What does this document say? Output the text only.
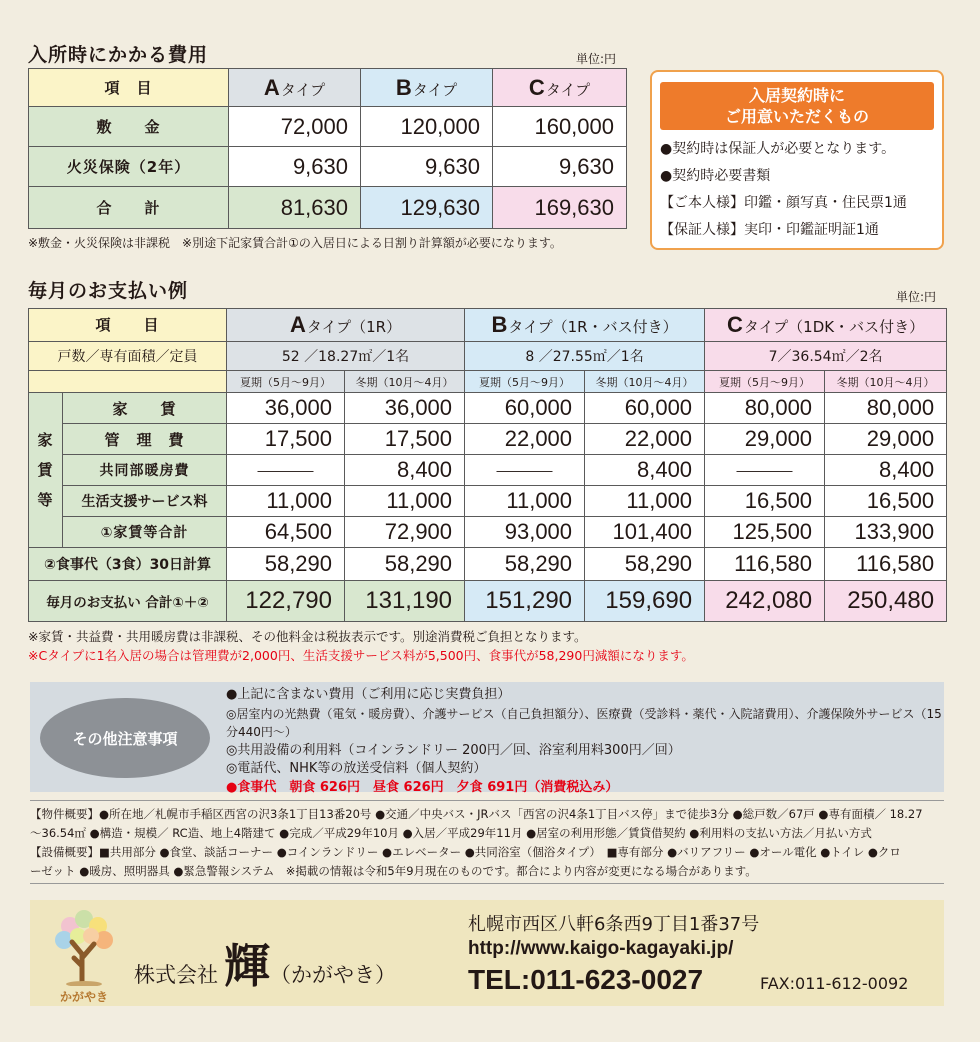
入所時にかかる費用	単位:円
項　目	Aタイプ	Bタイプ	Cタイプ
敷　　金	72,000	120,000	160,000
火災保険（2年）	9,630	9,630	9,630
合　　計	81,630	129,630	169,630
※敷金・火災保険は非課税　※別途下記家賃合計①の入居日による日割り計算額が必要になります。
入居契約時に
ご用意いただくもの
●契約時は保証人が必要となります。
●契約時必要書類
【ご本人様】印鑑・顔写真・住民票1通
【保証人様】実印・印鑑証明証1通
毎月のお支払い例	単位:円
項　　目		Aタイプ（1R）		Bタイプ（1R・バス付き）		Cタイプ（1DK・バス付き）	
戸数／専有面積／定員		52 ／18.27㎡／1名		8 ／27.55㎡／1名		7／36.54㎡／2名	
		夏期（5月～9月）	冬期（10月～4月）	夏期（5月～9月）	冬期（10月～4月）	夏期（5月～9月）	冬期（10月～4月）

家
賃
等	家　　賃	36,000	36,000	60,000	60,000	80,000	80,000
	管　理　費	17,500	17,500	22,000	22,000	29,000	29,000
	共同部暖房費	――――	8,400	――――	8,400	――――	8,400
	生活支援サービス料	11,000	11,000	11,000	11,000	16,500	16,500
	①家賃等合計	64,500	72,900	93,000	101,400	125,500	133,900
②食事代（3食）30日計算		58,290	58,290	58,290	58,290	116,580	116,580
毎月のお支払い 合計①＋②		122,790	131,190	151,290	159,690	242,080	250,480
※家賃・共益費・共用暖房費は非課税、その他料金は税抜表示です。別途消費税ご負担となります。
※Cタイプに1名入居の場合は管理費が2,000円、生活支援サービス料が5,500円、食事代が58,290円減額になります。
その他注意事項
●上記に含まない費用（ご利用に応じ実費負担）
◎居室内の光熱費（電気・暖房費）、介護サービス（自己負担額分）、医療費（受診料・薬代・入院諸費用）、介護保険外サービス（15分440円～）
◎共用設備の利用料（コインランドリー 200円／回、浴室利用料300円／回）
◎電話代、NHK等の放送受信料（個人契約）
●食事代　朝食 626円　昼食 626円　夕食 691円（消費税込み）
【物件概要】●所在地／札幌市手稲区西宮の沢3条1丁目13番20号 ●交通／中央バス・JRバス「西宮の沢4条1丁目バス停」まで徒歩3分 ●総戸数／67戸 ●専有面積／ 18.27
～36.54㎡ ●構造・規模／ RC造、地上4階建て ●完成／平成29年10月 ●入居／平成29年11月 ●居室の利用形態／賃貸借契約 ●利用料の支払い方法／月払い方式
【設備概要】■共用部分 ●食堂、談話コーナー ●コインランドリー ●エレベーター ●共同浴室（個浴タイプ）　■専有部分 ●バリアフリー ●オール電化 ●トイレ ●クロ
ーゼット ●暖房、照明器具 ●緊急警報システム　※掲載の情報は令和5年9月現在のものです。都合により内容が変更になる場合があります。
かがやき
株式会社 輝 （かがやき）
札幌市西区八軒6条西9丁目1番37号
http://www.kaigo-kagayaki.jp/
TEL:011-623-0027	FAX:011-612-0092
